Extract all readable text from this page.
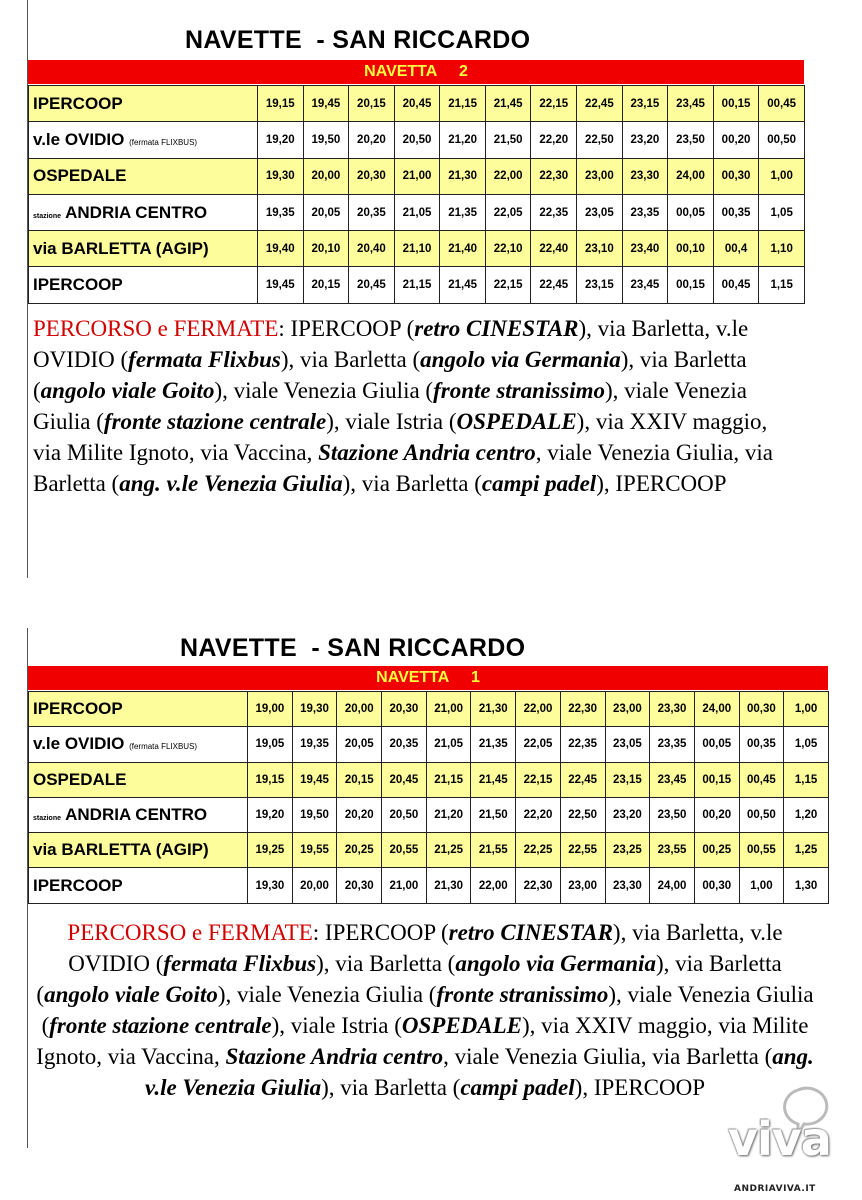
NAVETTE  - SAN RICCARDO
NAVETTA     2
IPERCOOP	19,15	19,45	20,15	20,45	21,15	21,45	22,15	22,45	23,15	23,45	00,15	00,45
v.le OVIDIO (fermata FLIXBUS)	19,20	19,50	20,20	20,50	21,20	21,50	22,20	22,50	23,20	23,50	00,20	00,50
OSPEDALE	19,30	20,00	20,30	21,00	21,30	22,00	22,30	23,00	23,30	24,00	00,30	1,00
stazione ANDRIA CENTRO	19,35	20,05	20,35	21,05	21,35	22,05	22,35	23,05	23,35	00,05	00,35	1,05
via BARLETTA (AGIP)	19,40	20,10	20,40	21,10	21,40	22,10	22,40	23,10	23,40	00,10	00,4	1,10
IPERCOOP	19,45	20,15	20,45	21,15	21,45	22,15	22,45	23,15	23,45	00,15	00,45	1,15
PERCORSO e FERMATE: IPERCOOP (retro CINESTAR), via Barletta, v.le OVIDIO (fermata Flixbus), via Barletta (angolo via Germania), via Barletta (angolo viale Goito), viale Venezia Giulia (fronte stranissimo), viale Venezia Giulia (fronte stazione centrale), viale Istria (OSPEDALE), via XXIV maggio, via Milite Ignoto, via Vaccina, Stazione Andria centro, viale Venezia Giulia, via Barletta (ang. v.le Venezia Giulia), via Barletta (campi padel), IPERCOOP
NAVETTE  - SAN RICCARDO
NAVETTA     1
IPERCOOP	19,00	19,30	20,00	20,30	21,00	21,30	22,00	22,30	23,00	23,30	24,00	00,30	1,00
v.le OVIDIO (fermata FLIXBUS)	19,05	19,35	20,05	20,35	21,05	21,35	22,05	22,35	23,05	23,35	00,05	00,35	1,05
OSPEDALE	19,15	19,45	20,15	20,45	21,15	21,45	22,15	22,45	23,15	23,45	00,15	00,45	1,15
stazione ANDRIA CENTRO	19,20	19,50	20,20	20,50	21,20	21,50	22,20	22,50	23,20	23,50	00,20	00,50	1,20
via BARLETTA (AGIP)	19,25	19,55	20,25	20,55	21,25	21,55	22,25	22,55	23,25	23,55	00,25	00,55	1,25
IPERCOOP	19,30	20,00	20,30	21,00	21,30	22,00	22,30	23,00	23,30	24,00	00,30	1,00	1,30
PERCORSO e FERMATE: IPERCOOP (retro CINESTAR), via Barletta, v.le OVIDIO (fermata Flixbus), via Barletta (angolo via Germania), via Barletta (angolo viale Goito), viale Venezia Giulia (fronte stranissimo), viale Venezia Giulia (fronte stazione centrale), viale Istria (OSPEDALE), via XXIV maggio, via Milite Ignoto, via Vaccina, Stazione Andria centro, viale Venezia Giulia, via Barletta (ang. v.le Venezia Giulia), via Barletta (campi padel), IPERCOOP
viva
ANDRIAVIVA.IT
